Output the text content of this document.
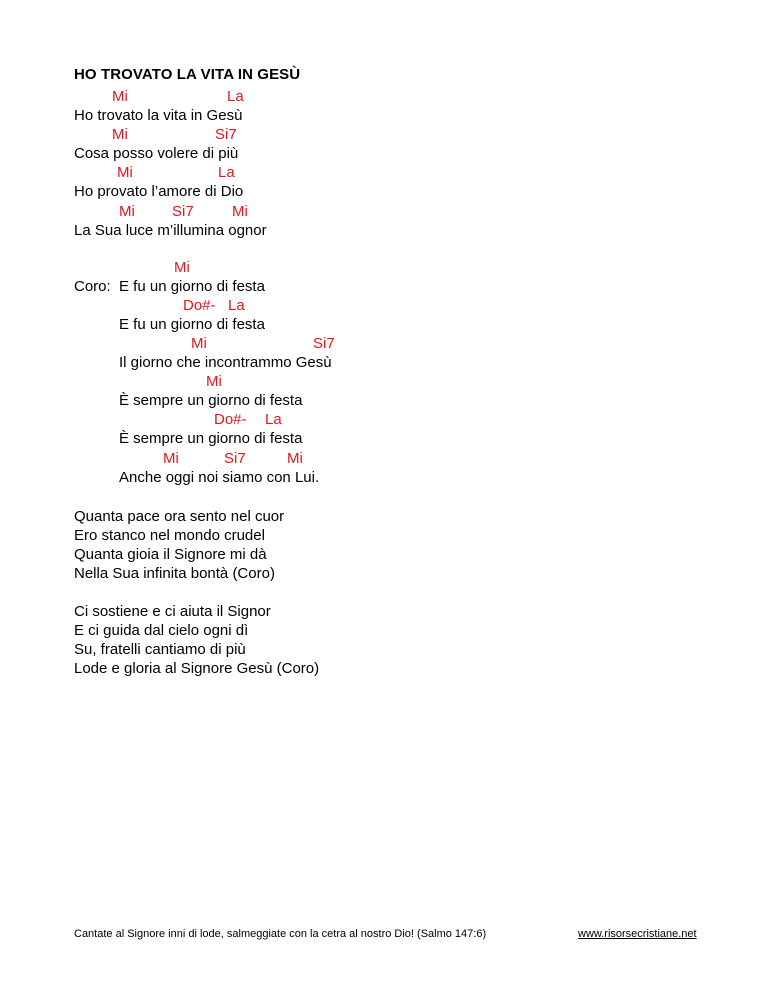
HO TROVATO LA VITA IN GESÙ
Mi	La
Ho trovato la vita in Gesù
Mi	Si7
Cosa posso volere di più
Mi	La
Ho provato l’amore di Dio
Mi Si7	Mi
La Sua luce m’illumina ognor
Mi
Coro: E fu un giorno di festa
Do#- La
E fu un giorno di festa
Mi	Si7
Il giorno che incontrammo Gesù
Mi
È sempre un giorno di festa
Do#- La
È sempre un giorno di festa
Mi	Si7	Mi
Anche oggi noi siamo con Lui.
Quanta pace ora sento nel cuor
Ero stanco nel mondo crudel
Quanta gioia il Signore mi dà
Nella Sua infinita bontà (Coro)
Ci sostiene e ci aiuta il Signor
E ci guida dal cielo ogni dì
Su, fratelli cantiamo di più
Lode e gloria al Signore Gesù (Coro)
Cantate al Signore inni di lode, salmeggiate con la cetra al nostro Dio! (Salmo 147:6)	www.risorsecristiane.net
